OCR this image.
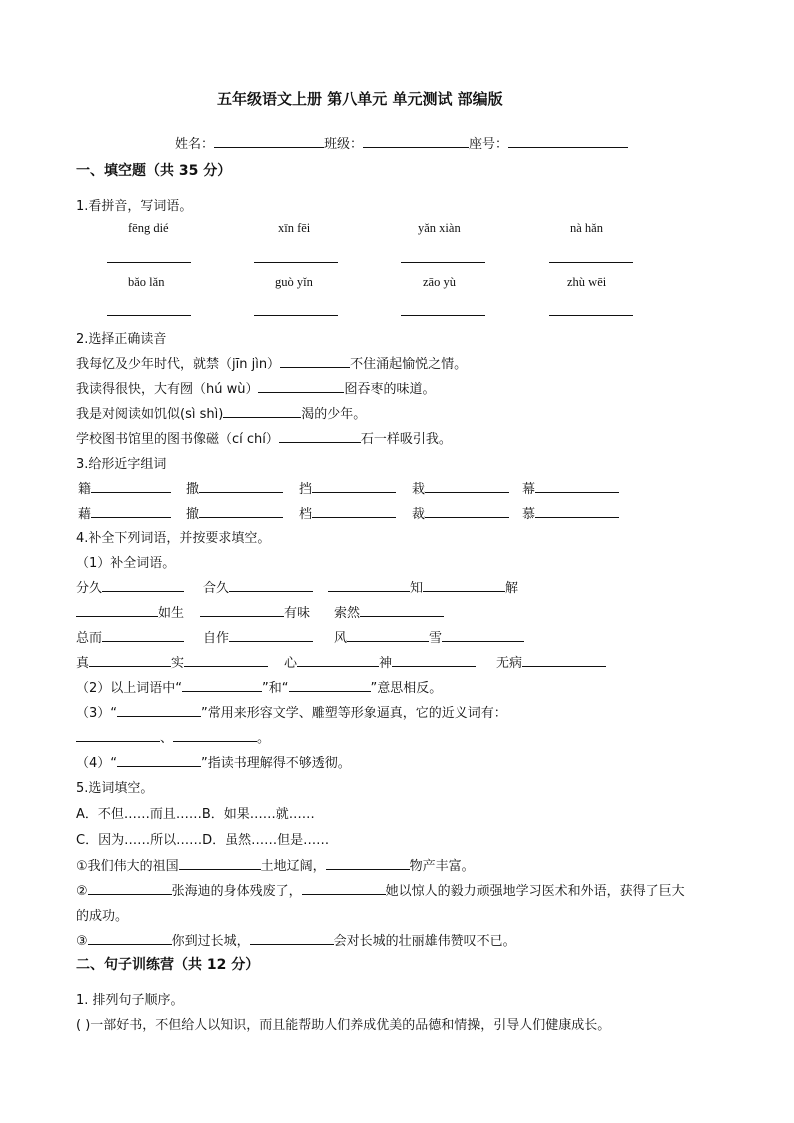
五年级语文上册 第八单元 单元测试 部编版
姓名：	班级：	座号：
一、填空题（共 35 分）
1.看拼音，写词语。
fēng dié	xīn fēi	yǎn xiàn	nà hǎn
bǎo lǎn	guò yǐn	zāo yù	zhù wēi
2.选择正确读音
我每忆及少年时代，就禁（jīn jìn）	不住涌起愉悦之情。
我读得很快，大有囫（hú wù）	囵吞枣的味道。
我是对阅读如饥似(sì shì)	渴的少年。
学校图书馆里的图书像磁（cí chí）	石一样吸引我。
3.给形近字组词
籍	撒	挡	栽	幕
藉	撤	档	裁	慕
4.补全下列词语，并按要求填空。
（1）补全词语。
分久	合久	知	解
如生	有味 索然
总而	自作	风	雪
真	实	心	神	无病
（2）以上词语中“	”和“	”意思相反。
（3）“	”常用来形容文学、雕塑等形象逼真，它的近义词有：
、	。
（4）“	”指读书理解得不够透彻。
5.选词填空。
A．不但……而且……B．如果……就……
C．因为……所以……D．虽然……但是……
①我们伟大的祖国	土地辽阔，	物产丰富。
②	张海迪的身体残废了，	她以惊人的毅力顽强地学习医术和外语，获得了巨大
的成功。
③	你到过长城，	会对长城的壮丽雄伟赞叹不已。
二、句子训练营（共 12 分）
1. 排列句子顺序。
( )一部好书，不但给人以知识，而且能帮助人们养成优美的品德和情操，引导人们健康成长。
